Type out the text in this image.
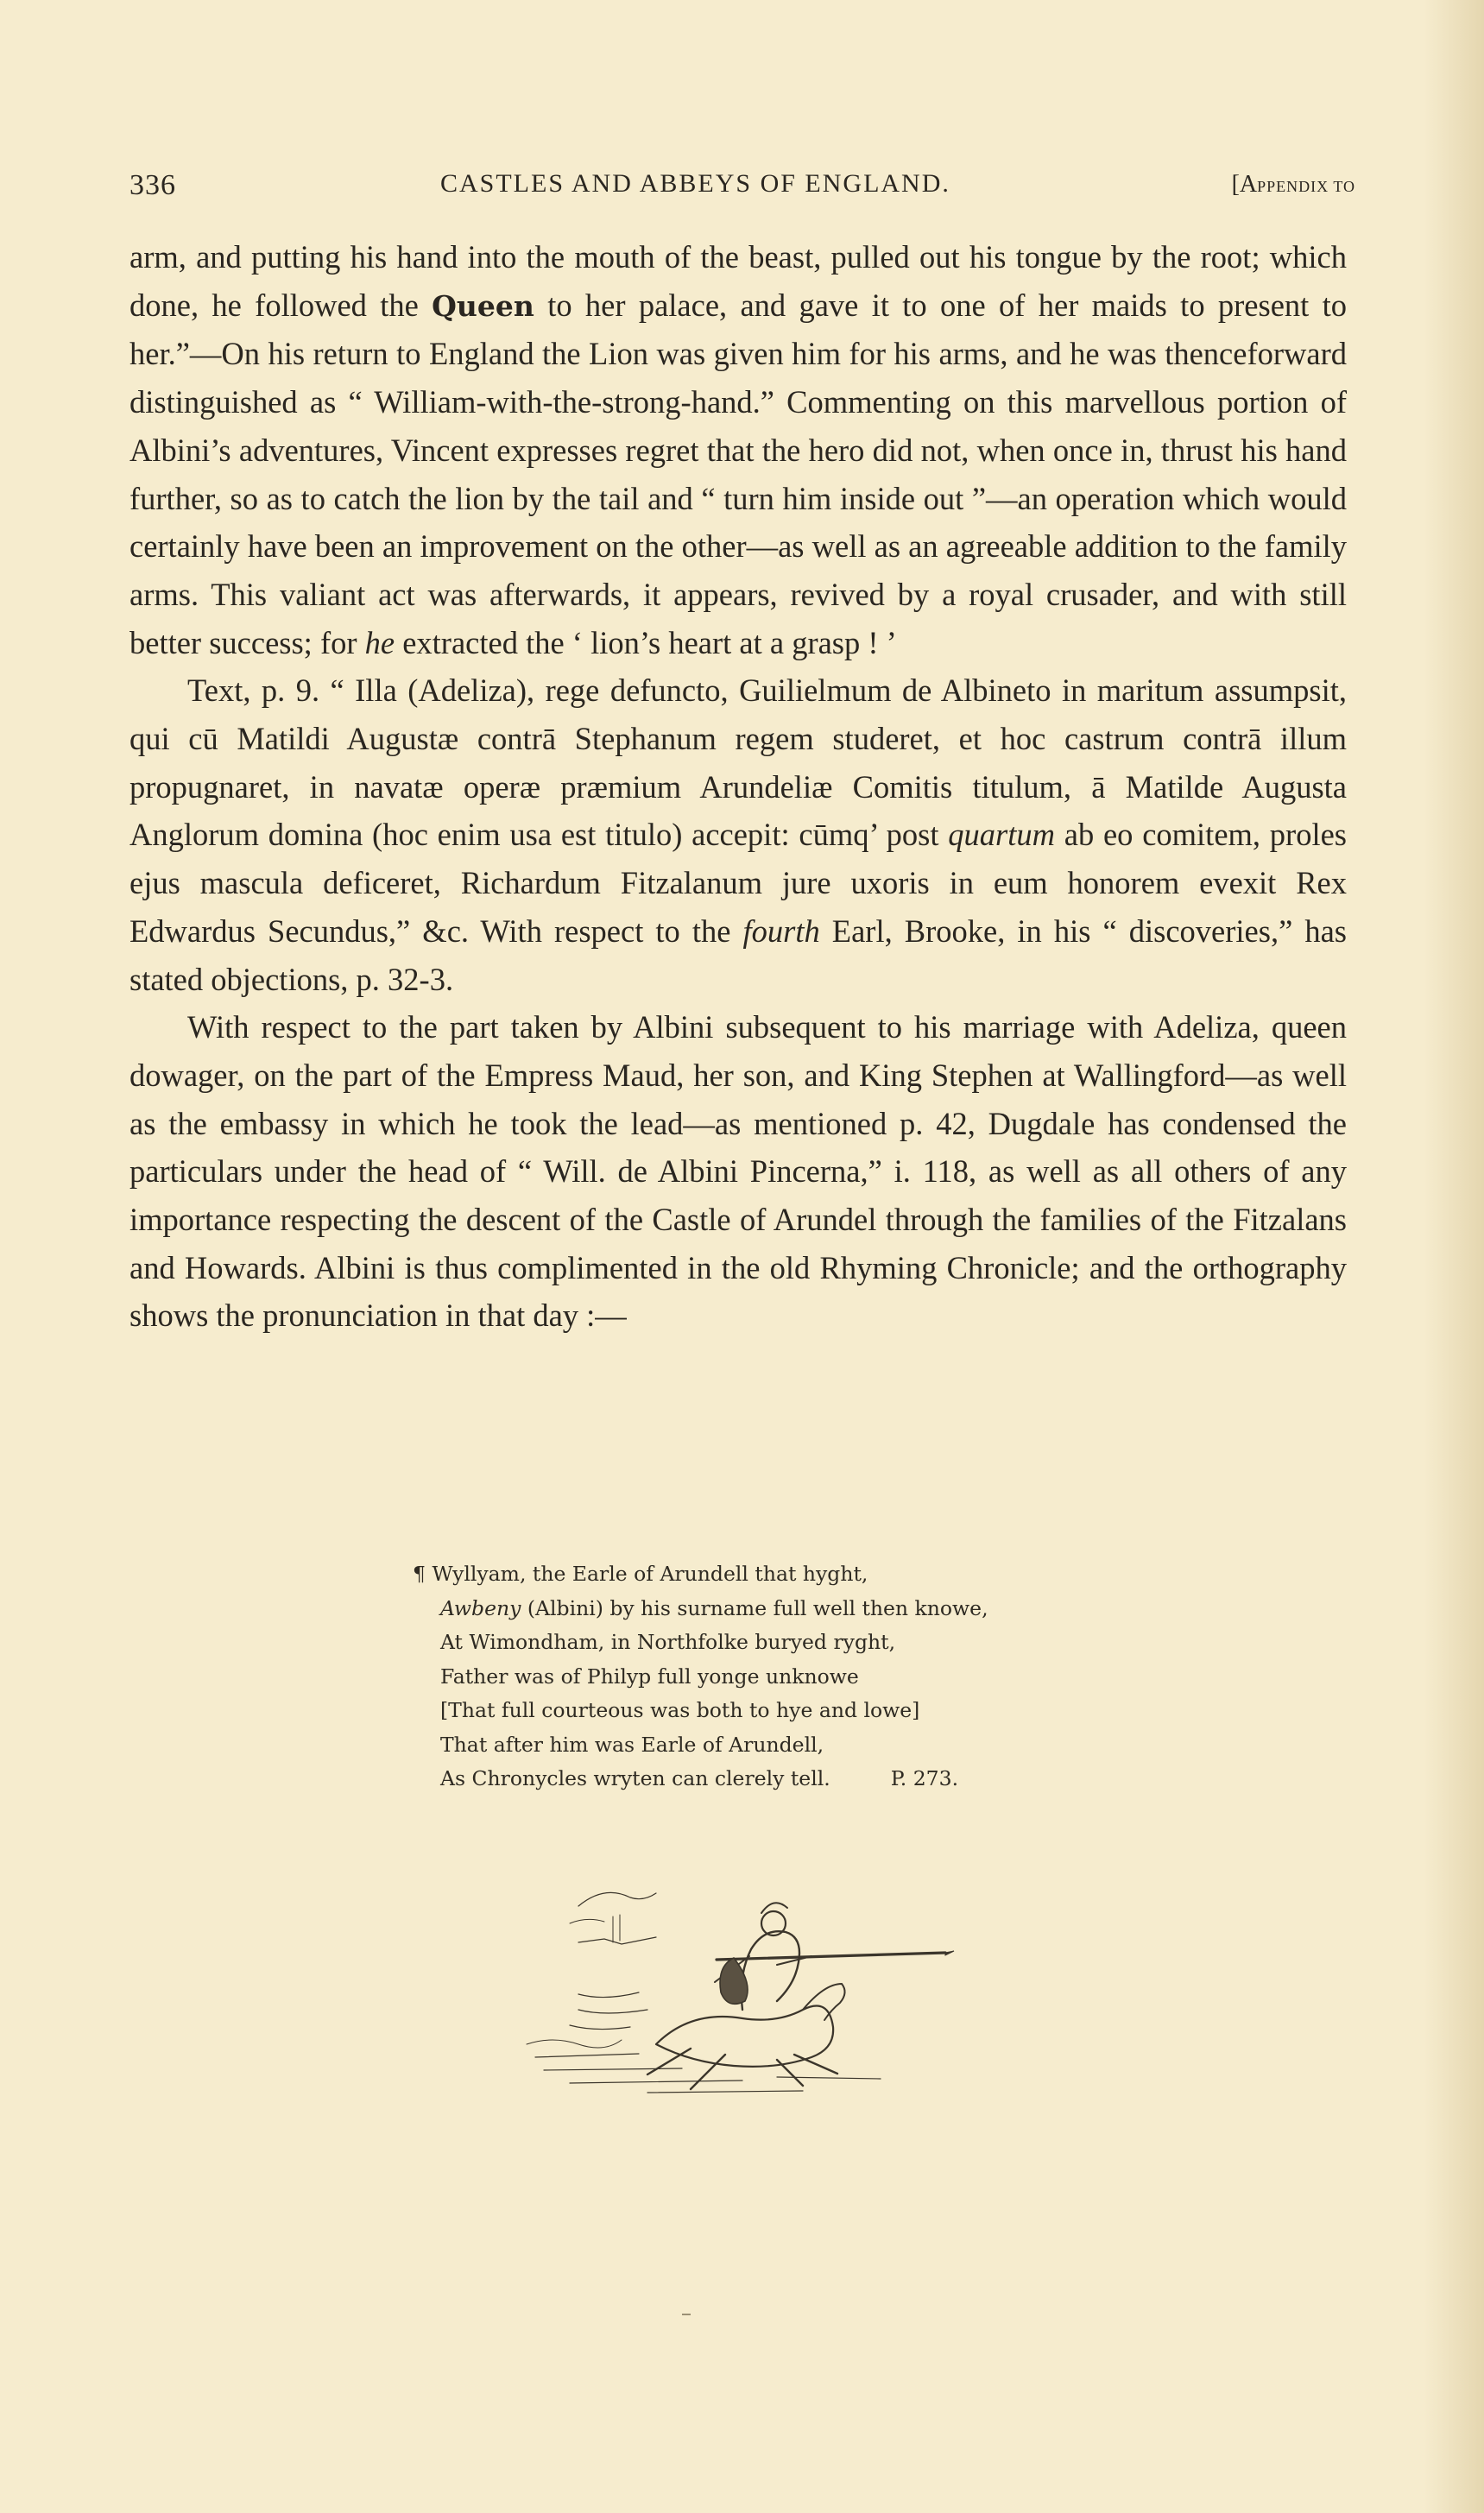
336	CASTLES AND ABBEYS OF ENGLAND.	[APPENDIX TO

arm, and putting his hand into the mouth of the beast, pulled out his tongue by the root; which done, he followed the Queen to her palace, and gave it to one of her maids to present to her.”—On his return to England the Lion was given him for his arms, and he was thenceforward distinguished as “ William-with-the-strong-hand.” Commenting on this marvellous portion of Albini’s adventures, Vincent expresses regret that the hero did not, when once in, thrust his hand further, so as to catch the lion by the tail and “ turn him inside out ”—an operation which would certainly have been an improvement on the other—as well as an agreeable addition to the family arms. This valiant act was afterwards, it appears, revived by a royal crusader, and with still better success; for he extracted the ‘ lion’s heart at a grasp ! ’

Text, p. 9. “ Illa (Adeliza), rege defuncto, Guilielmum de Albineto in maritum assumpsit, qui cū Matildi Augustæ contrā Stephanum regem studeret, et hoc castrum contrā illum propugnaret, in navatæ operæ præmium Arundeliæ Comitis titulum, ā Matilde Augusta Anglorum domina (hoc enim usa est titulo) accepit: cūmq’ post quartum ab eo comitem, proles ejus mascula deficeret, Richardum Fitzalanum jure uxoris in eum honorem evexit Rex Edwardus Secundus,” &c. With respect to the fourth Earl, Brooke, in his “ discoveries,” has stated objections, p. 32-3.

With respect to the part taken by Albini subsequent to his marriage with Adeliza, queen dowager, on the part of the Empress Maud, her son, and King Stephen at Wallingford—as well as the embassy in which he took the lead—as mentioned p. 42, Dugdale has condensed the particulars under the head of “ Will. de Albini Pincerna,” i. 118, as well as all others of any importance respecting the descent of the Castle of Arundel through the families of the Fitzalans and Howards. Albini is thus complimented in the old Rhyming Chronicle; and the orthography shows the pronunciation in that day :—

¶ Wyllyam, the Earle of Arundell that hyght,
Awbeny (Albini) by his surname full well then knowe,
At Wimondham, in Northfolke buryed ryght,
Father was of Philyp full yonge unknowe
[That full courteous was both to hye and lowe]
That after him was Earle of Arundell,
As Chronycles wryten can clerely tell.	P. 273.
